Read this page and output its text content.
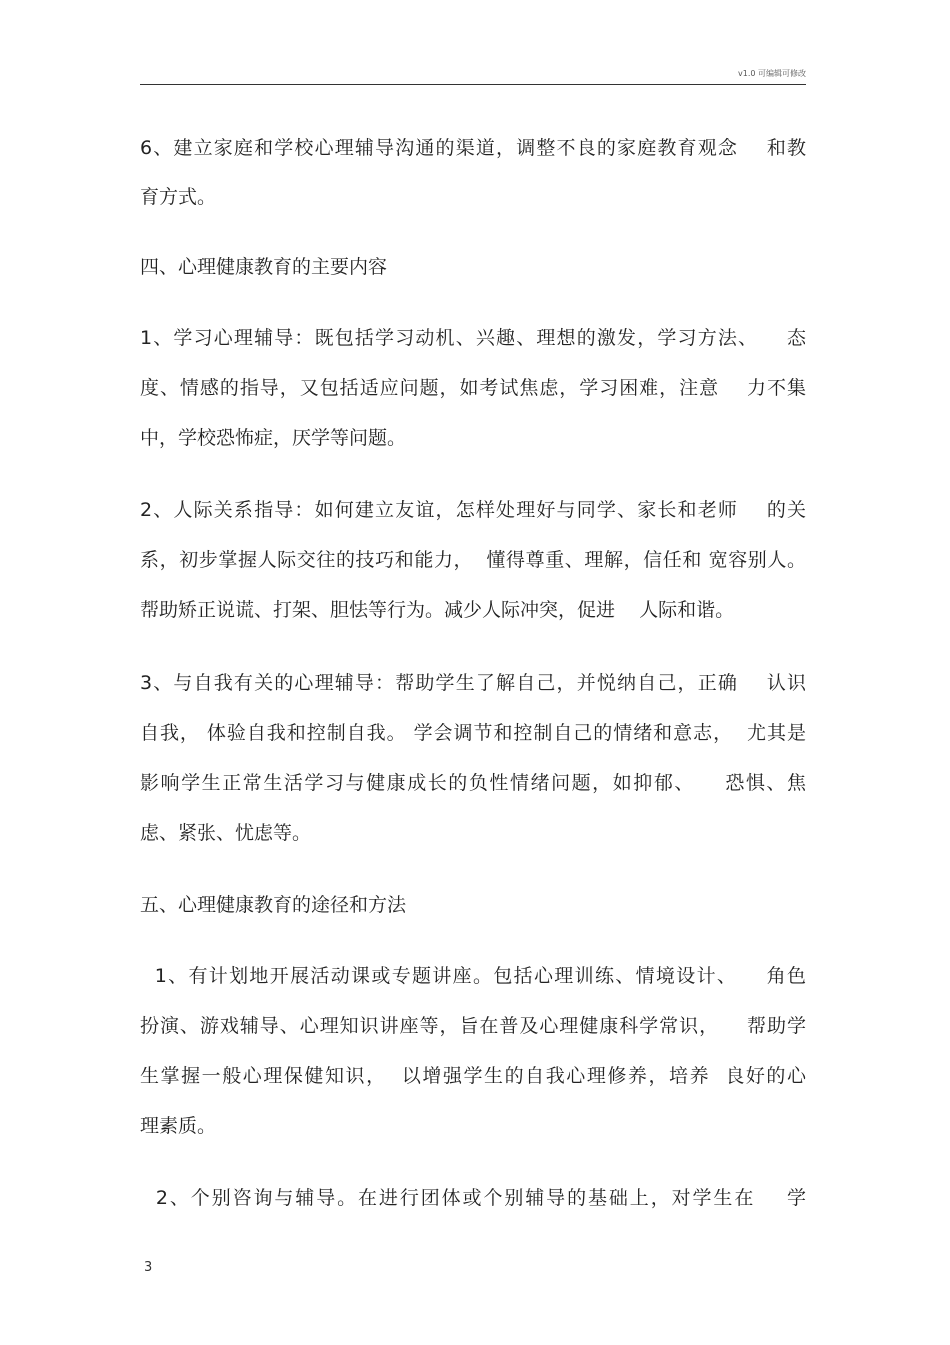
v1.0 可编辑可修改
6、建立家庭和学校心理辅导沟通的渠道，调整不良的家庭教育观念    和教
育方式。
四、心理健康教育的主要内容
1、学习心理辅导：既包括学习动机、兴趣、理想的激发，学习方法、    态
度、情感的指导，又包括适应问题，如考试焦虑，学习困难，注意    力不集
中，学校恐怖症，厌学等问题。
2、人际关系指导：如何建立友谊，怎样处理好与同学、家长和老师    的关
系，初步掌握人际交往的技巧和能力，  懂得尊重、理解，信任和 宽容别人。
帮助矫正说谎、打架、胆怯等行为。减少人际冲突，促进    人际和谐。
3、与自我有关的心理辅导：帮助学生了解自己，并悦纳自己，正确    认识
自我， 体验自我和控制自我。 学会调节和控制自己的情绪和意志，  尤其是
影响学生正常生活学习与健康成长的负性情绪问题，如抑郁、    恐惧、焦
虑、紧张、忧虑等。
五、心理健康教育的途径和方法
1、有计划地开展活动课或专题讲座。包括心理训练、情境设计、    角色
扮演、游戏辅导、心理知识讲座等，旨在普及心理健康科学常识，    帮助学
生掌握一般心理保健知识，  以增强学生的自我心理修养，培养  良好的心
理素质。
2、个别咨询与辅导。在进行团体或个别辅导的基础上，对学生在    学
3
